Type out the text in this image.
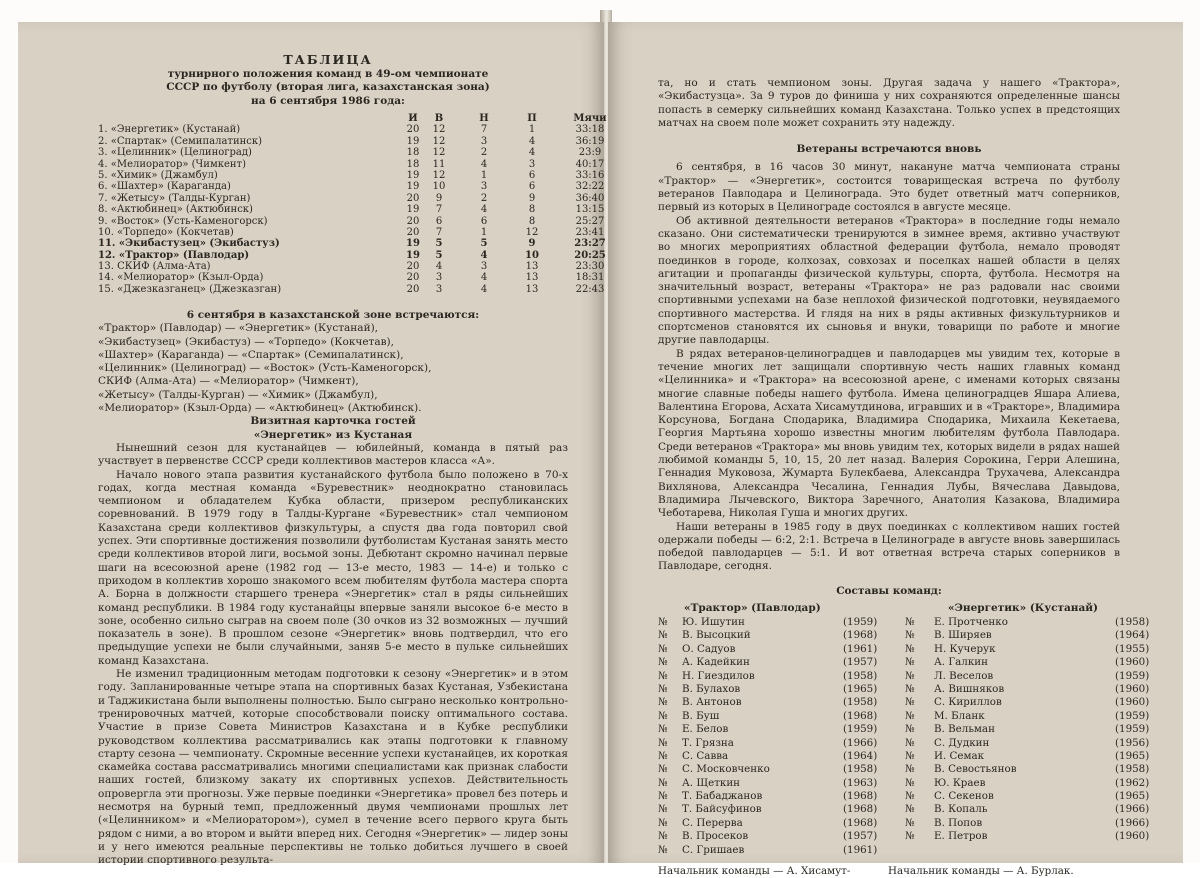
ТАБЛИЦА
турнирного положения команд в 49-ом чемпионате
СССР по футболу (вторая лига, казахстанская зона)
на 6 сентября 1986 года:
И	В	Н	П	Мячи
1. «Энергетик» (Кустанай)	20	12	7	1	33:18
2. «Спартак» (Семипалатинск)	19	12	3	4	36:19
3. «Целинник» (Целиноград)	18	12	2	4	23:9
4. «Мелиоратор» (Чимкент)	18	11	4	3	40:17
5. «Химик» (Джамбул)	19	12	1	6	33:16
6. «Шахтер» (Караганда)	19	10	3	6	32:22
7. «Жетысу» (Талды-Курган)	20	9	2	9	36:40
8. «Актюбинец» (Актюбинск)	19	7	4	8	13:15
9. «Восток» (Усть-Каменогорск)	20	6	6	8	25:27
10. «Торпедо» (Кокчетав)	20	7	1	12	23:41
11. «Экибастузец» (Экибастуз)	19	5	5	9	23:27
12. «Трактор» (Павлодар)	19	5	4	10	20:25
13. СКИФ (Алма-Ата)	20	4	3	13	23:30
14. «Мелиоратор» (Кзыл-Орда)	20	3	4	13	18:31
15. «Джезказганец» (Джезказган)	20	3	4	13	22:43
6 сентября в казахстанской зоне встречаются:
«Трактор» (Павлодар) — «Энергетик» (Кустанай),
«Экибастузец» (Экибастуз) — «Торпедо» (Кокчетав),
«Шахтер» (Караганда) — «Спартак» (Семипалатинск),
«Целинник» (Целиноград) — «Восток» (Усть-Каменогорск),
СКИФ (Алма-Ата) — «Мелиоратор» (Чимкент),
«Жетысу» (Талды-Курган) — «Химик» (Джамбул),
«Мелиоратор» (Кзыл-Орда) — «Актюбинец» (Актюбинск).
Визитная карточка гостей
«Энергетик» из Кустаная

Нынешний сезон для кустанайцев — юбилейный, команда в пятый раз участвует в первенстве СССР среди коллективов мастеров класса «А».

Начало нового этапа развития кустанайского футбола было положено в 70-х годах, когда местная команда «Буревестник» неоднократно становилась чемпионом и обладателем Кубка области, призером республиканских соревнований. В 1979 году в Талды-Кургане «Буревестник» стал чемпионом Казахстана среди коллективов физкультуры, а спустя два года повторил свой успех. Эти спортивные достижения позволили футболистам Кустаная занять место среди коллективов второй лиги, восьмой зоны. Дебютант скромно начинал первые шаги на всесоюзной арене (1982 год — 13-е место, 1983 — 14-е) и только с приходом в коллектив хорошо знакомого всем любителям футбола мастера спорта А. Борна в должности старшего тренера «Энергетик» стал в ряды сильнейших команд республики. В 1984 году кустанайцы впервые заняли высокое 6-е место в зоне, особенно сильно сыграв на своем поле (30 очков из 32 возможных — лучший показатель в зоне). В прошлом сезоне «Энергетик» вновь подтвердил, что его предыдущие успехи не были случайными, заняв 5-е место в пульке сильнейших команд Казахстана.

Не изменил традиционным методам подготовки к сезону «Энергетик» и в этом году. Запланированные четыре этапа на спортивных базах Кустаная, Узбекистана и Таджикистана были выполнены полностью. Было сыграно несколько контрольно-тренировочных матчей, которые способствовали поиску оптимального состава. Участие в призе Совета Министров Казахстана и в Кубке республики руководством коллектива рассматривались как этапы подготовки к главному старту сезона — чемпионату. Скромные весенние успехи кустанайцев, их короткая скамейка состава рассматривались многими специалистами как признак слабости наших гостей, близкому закату их спортивных успехов. Действительность опровергла эти прогнозы. Уже первые поединки «Энергетика» провел без потерь и несмотря на бурный темп, предложенный двумя чемпионами прошлых лет («Целинником» и «Мелиоратором»), сумел в течение всего первого круга быть рядом с ними, а во втором и выйти вперед них. Сегодня «Энергетик» — лидер зоны и у него имеются реальные перспективы не только добиться лучшего в своей истории спортивного результа-

та, но и стать чемпионом зоны. Другая задача у нашего «Трактора», «Экибастузца». За 9 туров до финиша у них сохраняются определенные шансы попасть в семерку сильнейших команд Казахстана. Только успех в предстоящих матчах на своем поле может сохранить эту надежду.

Ветераны встречаются вновь

6 сентября, в 16 часов 30 минут, накануне матча чемпионата страны «Трактор» — «Энергетик», состоится товарищеская встреча по футболу ветеранов Павлодара и Целинограда. Это будет ответный матч соперников, первый из которых в Целинограде состоялся в августе месяце.

Об активной деятельности ветеранов «Трактора» в последние годы немало сказано. Они систематически тренируются в зимнее время, активно участвуют во многих мероприятиях областной федерации футбола, немало проводят поединков в городе, колхозах, совхозах и поселках нашей области в целях агитации и пропаганды физической культуры, спорта, футбола. Несмотря на значительный возраст, ветераны «Трактора» не раз радовали нас своими спортивными успехами на базе неплохой физической подготовки, неувядаемого спортивного мастерства. И глядя на них в ряды активных физкультурников и спортсменов становятся их сыновья и внуки, товарищи по работе и многие другие павлодарцы.

В рядах ветеранов-целиноградцев и павлодарцев мы увидим тех, которые в течение многих лет защищали спортивную честь наших главных команд «Целинника» и «Трактора» на всесоюзной арене, с именами которых связаны многие славные победы нашего футбола. Имена целиноградцев Яшара Алиева, Валентина Егорова, Асхата Хисамутдинова, игравших и в «Тракторе», Владимира Корсунова, Богдана Сподарика, Владимира Сподарика, Михаила Кекетаева, Георгия Мартьяна хорошо известны многим любителям футбола Павлодара. Среди ветеранов «Трактора» мы вновь увидим тех, которых видели в рядах нашей любимой команды 5, 10, 15, 20 лет назад. Валерия Сорокина, Герри Алешина, Геннадия Муковоза, Жумарта Булекбаева, Александра Трухачева, Александра Вихлянова, Александра Чесалина, Геннадия Лубы, Вячеслава Давыдова, Владимира Лычевского, Виктора Заречного, Анатолия Казакова, Владимира Чеботарева, Николая Гуша и многих других.

Наши ветераны в 1985 году в двух поединках с коллективом наших гостей одержали победы — 6:2, 2:1. Встреча в Целинограде в августе вновь завершилась победой павлодарцев — 5:1. И вот ответная встреча старых соперников в Павлодаре, сегодня.

Составы команд:
«Трактор» (Павлодар)	«Энергетик» (Кустанай)
№ Ю. Ишутин	(1959)	№ Е. Протченко	(1958)
№ В. Высоцкий	(1968)	№ В. Ширяев	(1964)
№ О. Садуов	(1961)	№ Н. Кучерук	(1955)
№ А. Кадейкин	(1957)	№ А. Галкин	(1960)
№ Н. Гиездилов	(1958)	№ Л. Веселов	(1959)
№ В. Булахов	(1965)	№ А. Вишняков	(1960)
№ В. Антонов	(1958)	№ С. Кириллов	(1960)
№ В. Буш	(1968)	№ М. Бланк	(1959)
№ Е. Белов	(1959)	№ В. Вельман	(1959)
№ Т. Грязна	(1966)	№ С. Дудкин	(1956)
№ С. Савва	(1964)	№ И. Семак	(1965)
№ С. Московченко	(1958)	№ В. Севостьянов	(1958)
№ А. Щеткин	(1963)	№ Ю. Краев	(1962)
№ Т. Бабаджанов	(1968)	№ С. Секенов	(1965)
№ Т. Байсуфинов	(1968)	№ В. Копаль	(1966)
№ С. Перерва	(1968)	№ В. Попов	(1966)
№ В. Просеков	(1957)	№ Е. Петров	(1960)
№ С. Гришаев	(1961)
Начальник команды — А. Хисамут-	Начальник команды — А. Бурлак.
